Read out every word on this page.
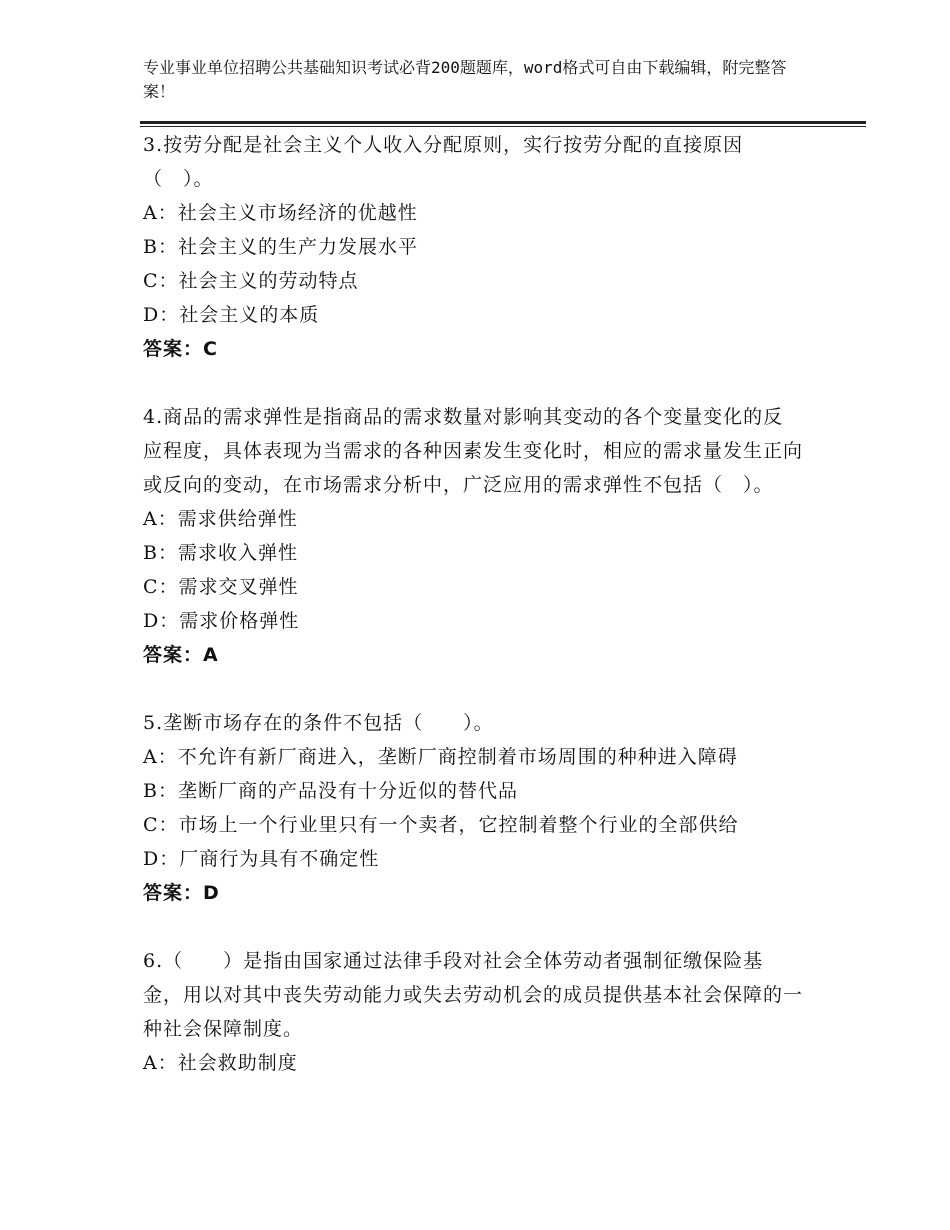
专业事业单位招聘公共基础知识考试必背200题题库，word格式可自由下载编辑，附完整答案！

3.按劳分配是社会主义个人收入分配原则，实行按劳分配的直接原因（　）。

A：社会主义市场经济的优越性

B：社会主义的生产力发展水平

C：社会主义的劳动特点

D：社会主义的本质

答案：C

4.商品的需求弹性是指商品的需求数量对影响其变动的各个变量变化的反应程度，具体表现为当需求的各种因素发生变化时，相应的需求量发生正向或反向的变动，在市场需求分析中，广泛应用的需求弹性不包括（　）。

A：需求供给弹性

B：需求收入弹性

C：需求交叉弹性

D：需求价格弹性

答案：A

5.垄断市场存在的条件不包括（　　）。

A：不允许有新厂商进入，垄断厂商控制着市场周围的种种进入障碍

B：垄断厂商的产品没有十分近似的替代品

C：市场上一个行业里只有一个卖者，它控制着整个行业的全部供给

D：厂商行为具有不确定性

答案：D

6.（　　）是指由国家通过法律手段对社会全体劳动者强制征缴保险基金，用以对其中丧失劳动能力或失去劳动机会的成员提供基本社会保障的一种社会保障制度。

A：社会救助制度
